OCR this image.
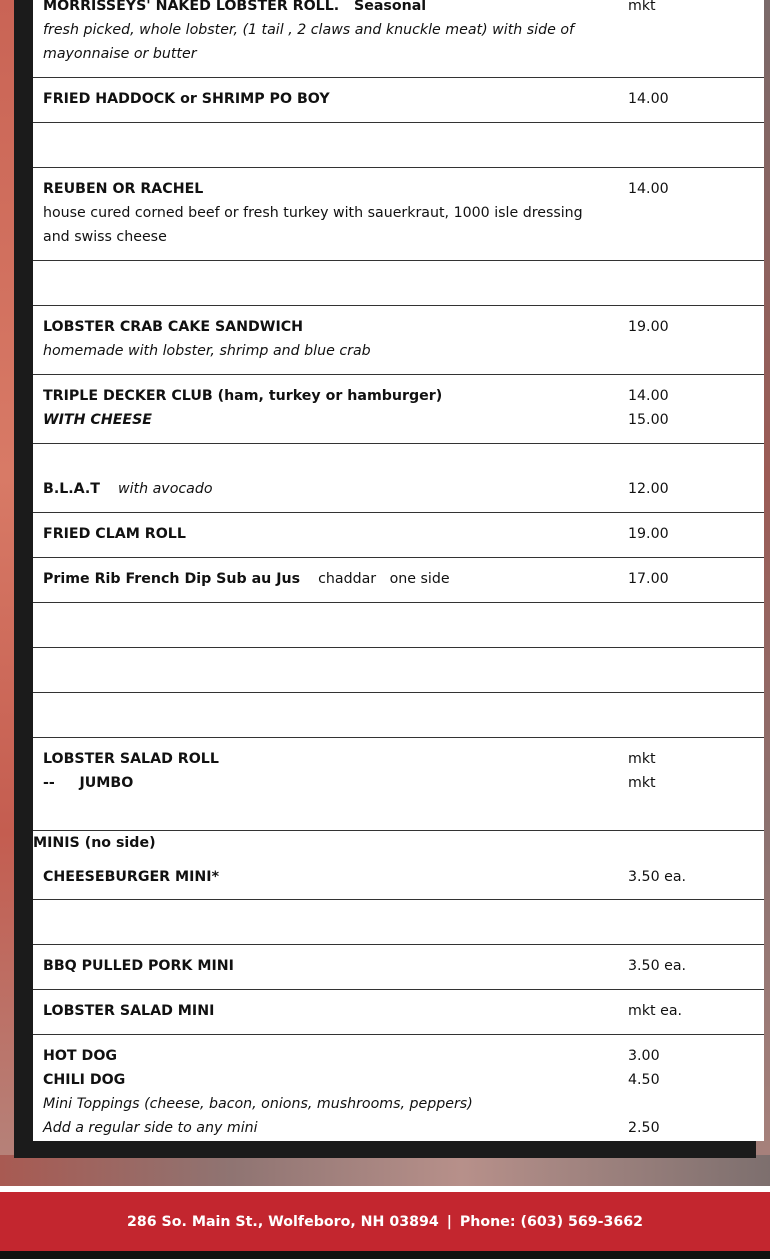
MORRISSEYS' NAKED LOBSTER ROLL. Seasonal	mkt
fresh picked, whole lobster, (1 tail , 2 claws and knuckle meat) with side of mayonnaise or butter
FRIED HADDOCK or SHRIMP PO BOY	14.00
REUBEN OR RACHEL	14.00
house cured corned beef or fresh turkey with sauerkraut, 1000 isle dressing and swiss cheese
LOBSTER CRAB CAKE SANDWICH	19.00
homemade with lobster, shrimp and blue crab
TRIPLE DECKER CLUB (ham, turkey or hamburger)	14.00
WITH CHEESE	15.00
B.L.A.T with avocado	12.00
FRIED CLAM ROLL	19.00
Prime Rib French Dip Sub au Jus chaddar   one side	17.00
LOBSTER SALAD ROLL	mkt
--     JUMBO	mkt
MINIS (no side)
CHEESEBURGER MINI*	3.50 ea.
BBQ PULLED PORK MINI	3.50 ea.
LOBSTER SALAD MINI	mkt ea.
HOT DOG	3.00
CHILI DOG	4.50
Mini Toppings (cheese, bacon, onions, mushrooms, peppers)
Add a regular side to any mini	2.50
286 So. Main St., Wolfeboro, NH 03894 | Phone: (603) 569-3662
